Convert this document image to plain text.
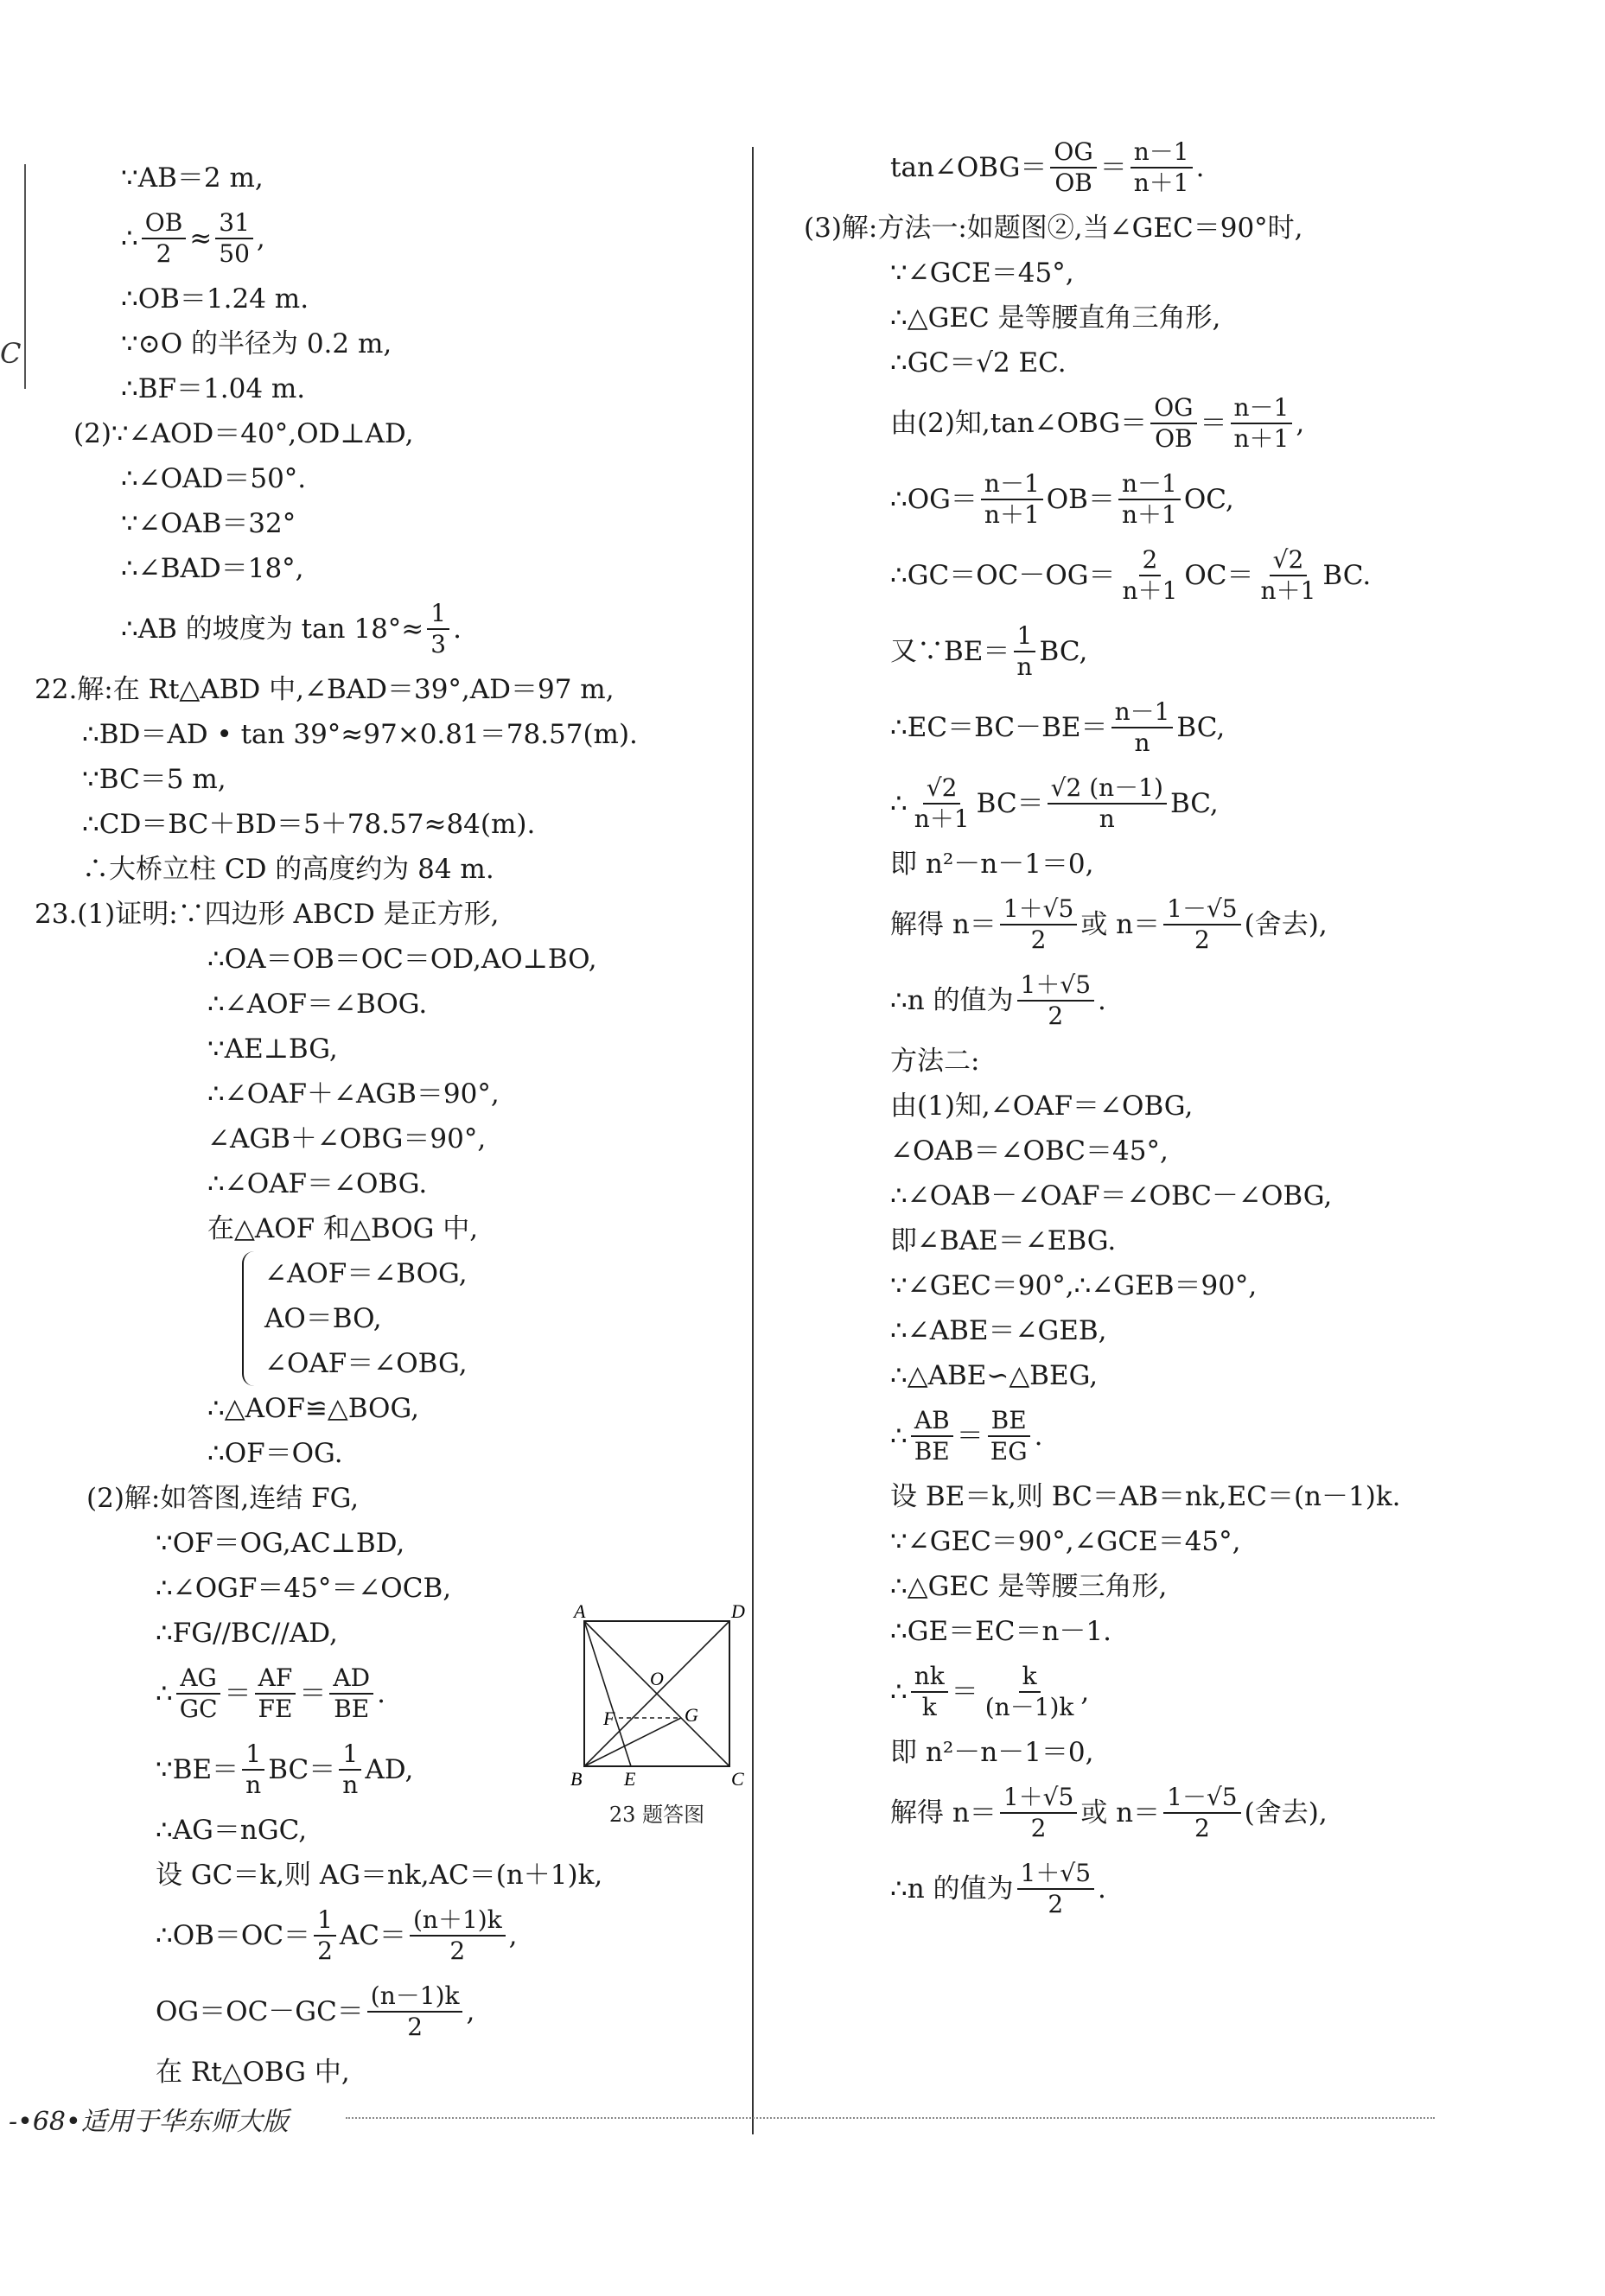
C
∵AB＝2 m,
∴ $\frac{OB}{2} \approx \frac{31}{50}$ ,
∴OB＝1.24 m.
∵⊙O 的半径为 0.2 m,
∴BF＝1.04 m.
(2)∵∠AOD＝40°,OD⊥AD,
∴∠OAD＝50°.
∵∠OAB＝32°
∴∠BAD＝18°,
∴AB 的坡度为 $\tan 18^\circ\approx \frac{1}{3}$ .
22.解:在 Rt△ABD 中,∠BAD＝39°,AD＝97 m,
∴BD＝AD • tan 39°≈97×0.81＝78.57(m).
∵BC＝5 m,
∴CD＝BC＋BD＝5＋78.57≈84(m).
∴大桥立柱 CD 的高度约为 84 m.
23.(1)证明:∵四边形 ABCD 是正方形,
∴OA＝OB＝OC＝OD,AO⊥BO,
∴∠AOF＝∠BOG.
∵AE⊥BG,
∴∠OAF＋∠AGB＝90°,
∠AGB＋∠OBG＝90°,
∴∠OAF＝∠OBG.
在△AOF 和△BOG 中,
∠AOF＝∠BOG,
AO＝BO,
∠OAF＝∠OBG,
∴△AOF≌△BOG,
∴OF＝OG.
(2)解:如答图,连结 FG,
∵OF＝OG,AC⊥BD,
∴∠OGF＝45°＝∠OCB,
∴FG//BC//AD,
∴ $\frac{AG}{GC} = \frac{AF}{FE} = \frac{AD}{BE}$ .
∵BE＝ $\frac{1}{n} BC= \frac{1}{n}$ AD,
∴AG＝nGC,
设 GC＝k,则 AG＝nk,AC＝(n＋1)k,
∴OB＝OC＝ $\frac{1}{2} AC= \frac{(n+1)k}{2}$ ,
$OG=OC-GC= \frac{(n-1)k}{2}$ ,
在 Rt△OBG 中,
A	D
O
G
F
B E	C
23 题答图
tan∠OBG＝ $\frac{OG}{OB} = \frac{n-1}{n+1}$ .
(3)解:方法一:如题图②,当∠GEC＝90°时,
∵∠GCE＝45°,
∴△GEC 是等腰直角三角形,
∴GC＝√2 EC.
由(2)知,tan∠OBG＝ $\frac{OG}{OB} = \frac{n-1}{n+1}$ ,
∴OG＝ $\frac{n-1}{n+1} OB= \frac{n-1}{n+1}$ OC,
∴GC＝OC－OG＝ $\frac{2}{n+1} OC= \frac{√2}{n+1}$ BC.
又∵BE＝ $\frac{1}{n}$ BC,
∴EC＝BC－BE＝ $\frac{n-1}{n}$ BC,
∴ $\frac{√2}{n+1} BC= \frac{√2 (n-1)}{n}$ BC,
即 n²－n－1＝0,
解得 $n= \frac{1+√5}{2}$ 或 $n= \frac{1-√5}{2}$ (舍去),
∴n 的值为 $\frac{1+√5}{2}$ .
方法二:
由(1)知,∠OAF＝∠OBG,
∠OAB＝∠OBC＝45°,
∴∠OAB－∠OAF＝∠OBC－∠OBG,
即∠BAE＝∠EBG.
∵∠GEC＝90°,∴∠GEB＝90°,
∴∠ABE＝∠GEB,
∴△ABE∽△BEG,
∴ $\frac{AB}{BE} = \frac{BE}{EG}$ .
设 BE＝k,则 BC＝AB＝nk,EC＝(n－1)k.
∵∠GEC＝90°,∠GCE＝45°,
∴△GEC 是等腰三角形,
∴GE＝EC＝n－1.
∴ $\frac{nk}{k} = \frac{k}{(n-1)k}$ ,
即 n²－n－1＝0,
解得 $n= \frac{1+√5}{2}$ 或 $n= \frac{1-√5}{2}$ (舍去),
∴n 的值为 $\frac{1+√5}{2}$ .
-•68•适用于华东师大版
